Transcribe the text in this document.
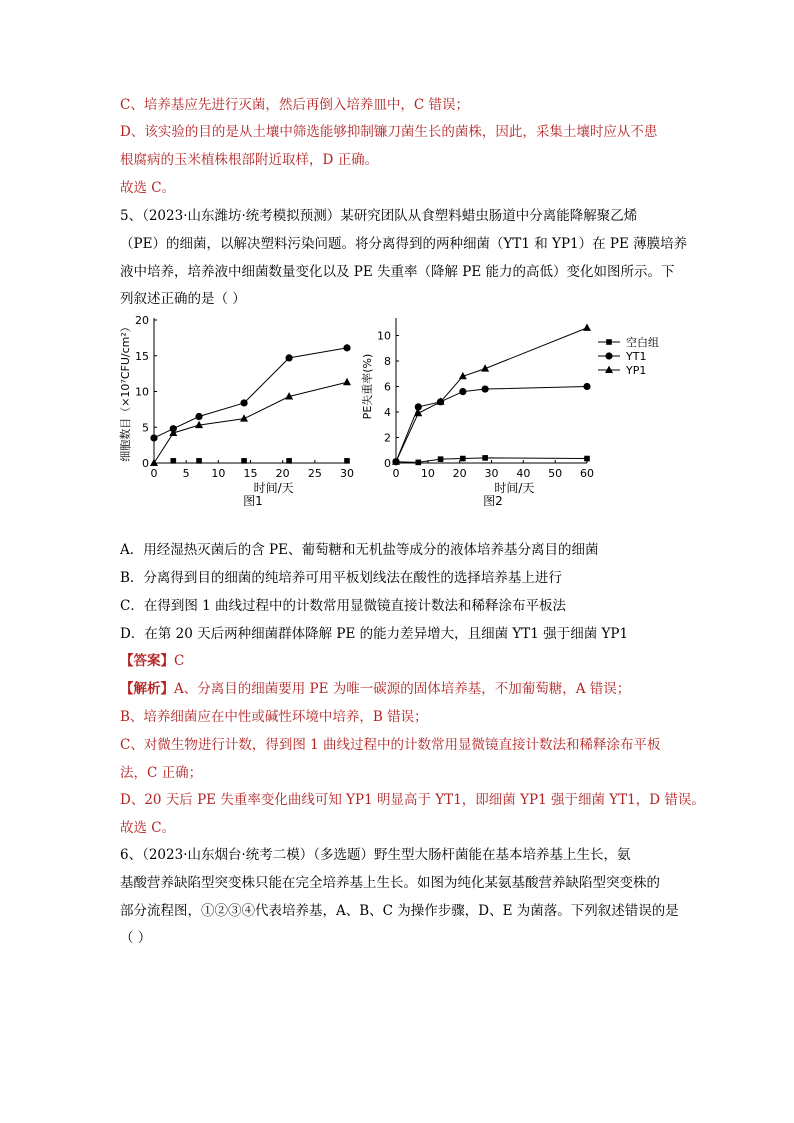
C、培养基应先进行灭菌，然后再倒入培养皿中，C 错误；
D、该实验的目的是从土壤中筛选能够抑制镰刀菌生长的菌株，因此，采集土壤时应从不患
根腐病的玉米植株根部附近取样，D 正确。
故选 C。
5、（2023·山东潍坊·统考模拟预测）某研究团队从食塑料蜡虫肠道中分离能降解聚乙烯
（PE）的细菌，以解决塑料污染问题。将分离得到的两种细菌（YT1 和 YP1）在 PE 薄膜培养
液中培养，培养液中细菌数量变化以及 PE 失重率（降解 PE 能力的高低）变化如图所示。下
列叙述正确的是（ ）
0 5 10 15 20 25 30
0
5
10
15
20
时间/天
细胞数目（×10⁷CFU/cm²）
图1
0 10 20 30 40 50 60
0
2
4
6
8
10
时间/天
PE失重率(%)
空白组
YT1
YP1
图2
A．用经湿热灭菌后的含 PE、葡萄糖和无机盐等成分的液体培养基分离目的细菌
B．分离得到目的细菌的纯培养可用平板划线法在酸性的选择培养基上进行
C．在得到图 1 曲线过程中的计数常用显微镜直接计数法和稀释涂布平板法
D．在第 20 天后两种细菌群体降解 PE 的能力差异增大，且细菌 YT1 强于细菌 YP1
【答案】C
【解析】A、分离目的细菌要用 PE 为唯一碳源的固体培养基，不加葡萄糖，A 错误；
B、培养细菌应在中性或碱性环境中培养，B 错误；
C、对微生物进行计数，得到图 1 曲线过程中的计数常用显微镜直接计数法和稀释涂布平板
法，C 正确；
D、20 天后 PE 失重率变化曲线可知 YP1 明显高于 YT1，即细菌 YP1 强于细菌 YT1，D 错误。
故选 C。
6、（2023·山东烟台·统考二模）（多选题）野生型大肠杆菌能在基本培养基上生长，氨
基酸营养缺陷型突变株只能在完全培养基上生长。如图为纯化某氨基酸营养缺陷型突变株的
部分流程图，①②③④代表培养基，A、B、C 为操作步骤，D、E 为菌落。下列叙述错误的是
（ ）
